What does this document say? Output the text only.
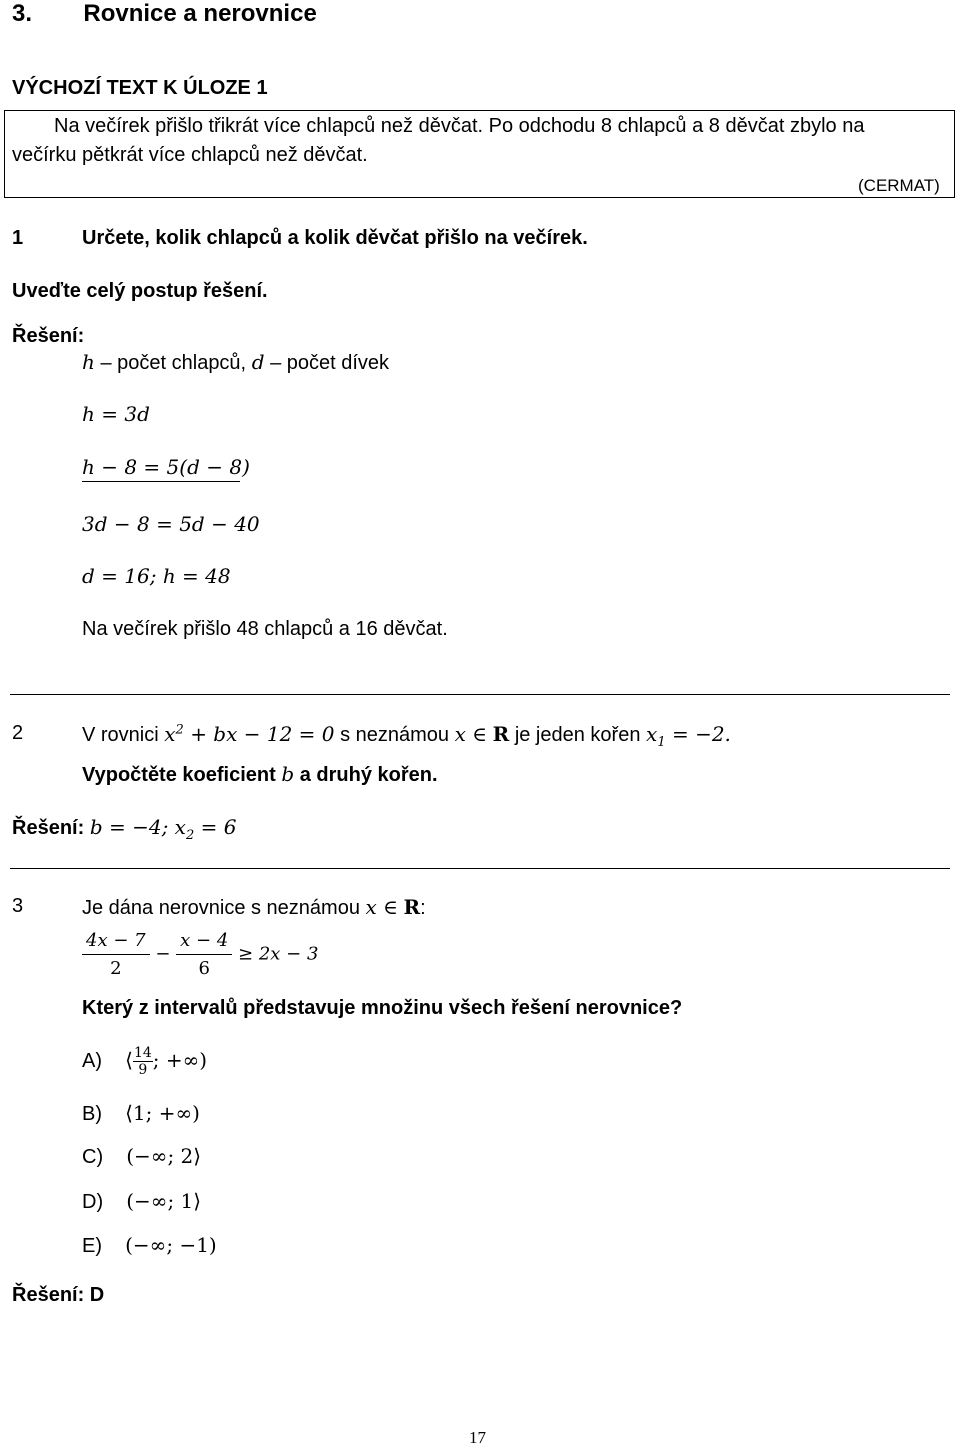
3. Rovnice a nerovnice
VÝCHOZÍ TEXT K ÚLOZE 1
Na večírek přišlo třikrát více chlapců než děvčat. Po odchodu 8 chlapců a 8 děvčat zbylo na
večírku pětkrát více chlapců než děvčat.
(CERMAT)
1	Určete, kolik chlapců a kolik děvčat přišlo na večírek.
Uveďte celý postup řešení.
Řešení:
h – počet chlapců, d – počet dívek
h = 3d
h − 8 = 5(d − 8)
3d − 8 = 5d − 40
d = 16; h = 48
Na večírek přišlo 48 chlapců a 16 děvčat.
2	V rovnici $x^2$ + bx − 12 = 0 s neznámou x ∈ R je jeden kořen $x_1 = -2$.
Vypočtěte koeficient b a druhý kořen.
Řešení: b = −4; $x_2 = 6$
3	Je dána nerovnice s neznámou x ∈ R:
$\frac{4x - 7}{2} - \frac{x - 4}{6} \ge 2x - 3$
Který z intervalů představuje množinu všech řešení nerovnice?
A) ⟨ $\frac{14}{9}$ ; +∞)
B) ⟨1; +∞)
C) (−∞; 2⟩
D) (−∞; 1⟩
E) (−∞; −1)
Řešení: D
17
